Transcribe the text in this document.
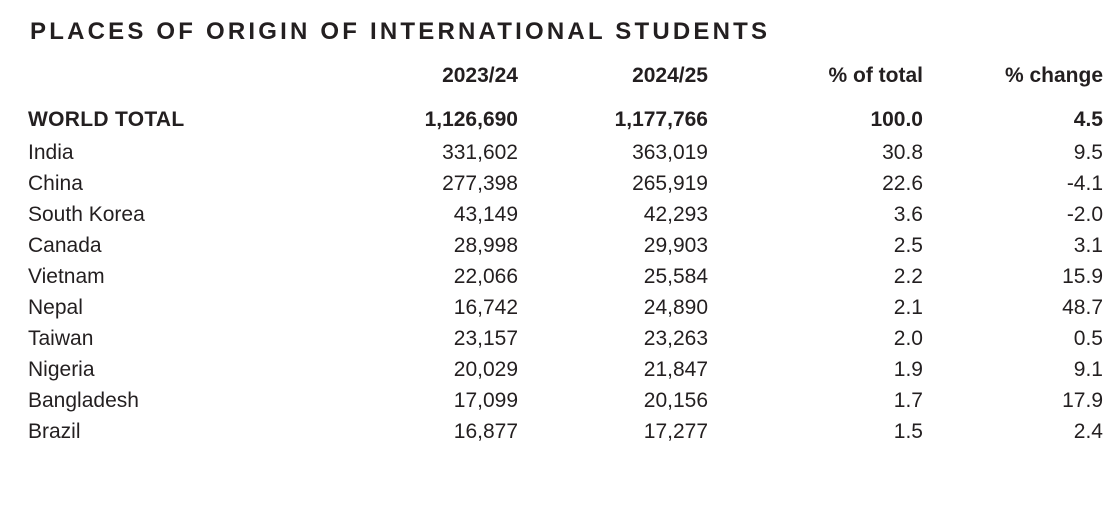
PLACES OF ORIGIN OF INTERNATIONAL STUDENTS
	2023/24	2024/25	% of total	% change
WORLD TOTAL	1,126,690	1,177,766	100.0	4.5
India	331,602	363,019	30.8	9.5
China	277,398	265,919	22.6	-4.1
South Korea	43,149	42,293	3.6	-2.0
Canada	28,998	29,903	2.5	3.1
Vietnam	22,066	25,584	2.2	15.9
Nepal	16,742	24,890	2.1	48.7
Taiwan	23,157	23,263	2.0	0.5
Nigeria	20,029	21,847	1.9	9.1
Bangladesh	17,099	20,156	1.7	17.9
Brazil	16,877	17,277	1.5	2.4
